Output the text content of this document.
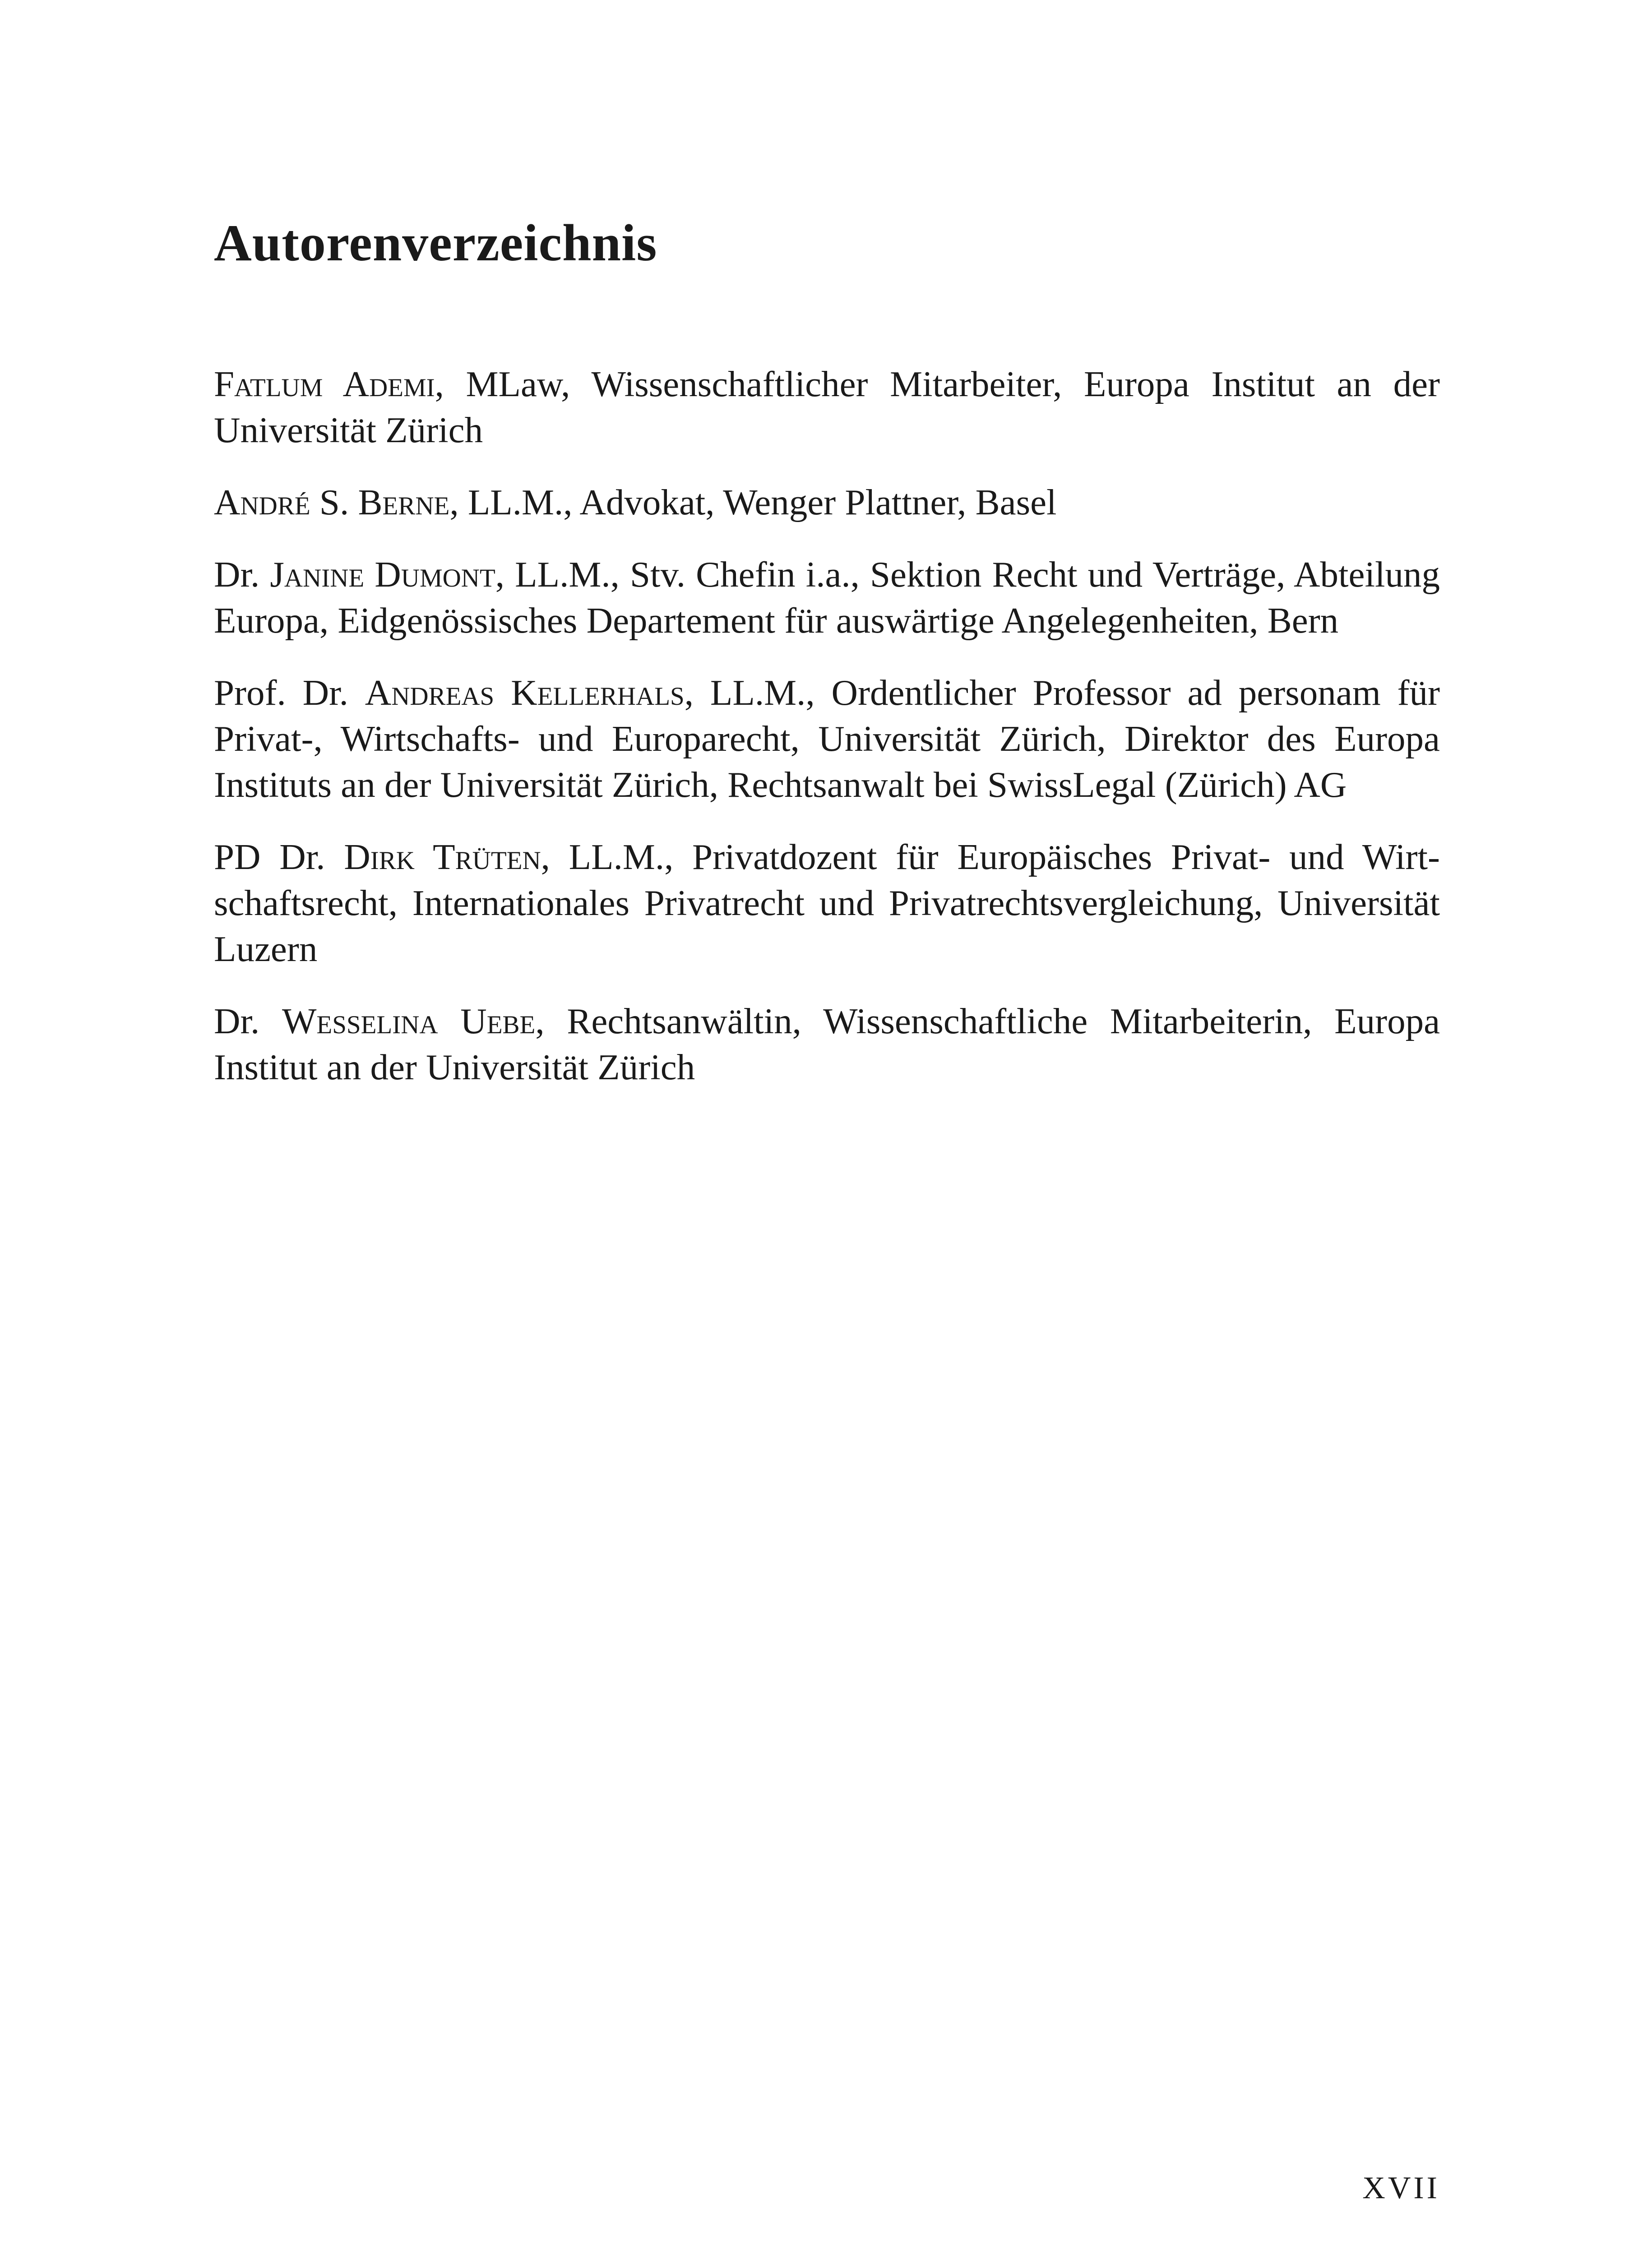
Autorenverzeichnis
Fatlum Ademi, MLaw, Wissenschaftlicher Mitarbeiter, Europa Institut an der Universität Zürich
André S. Berne, LL.M., Advokat, Wenger Plattner, Basel
Dr. Janine Dumont, LL.M., Stv. Chefin i.a., Sektion Recht und Verträge, Abteilung Europa, Eidgenössisches Departement für auswärtige Angelegenheiten, Bern
Prof. Dr. Andreas Kellerhals, LL.M., Ordentlicher Professor ad personam für Privat-, Wirtschafts- und Europarecht, Universität Zürich, Direktor des Europa Instituts an der Universität Zürich, Rechtsanwalt bei SwissLegal (Zürich) AG
PD Dr. Dirk Trüten, LL.M., Privatdozent für Europäisches Privat- und Wirtschaftsrecht, Internationales Privatrecht und Privatrechtsvergleichung, Universität Luzern
Dr. Wesselina Uebe, Rechtsanwältin, Wissenschaftliche Mitarbeiterin, Europa Institut an der Universität Zürich
XVII
